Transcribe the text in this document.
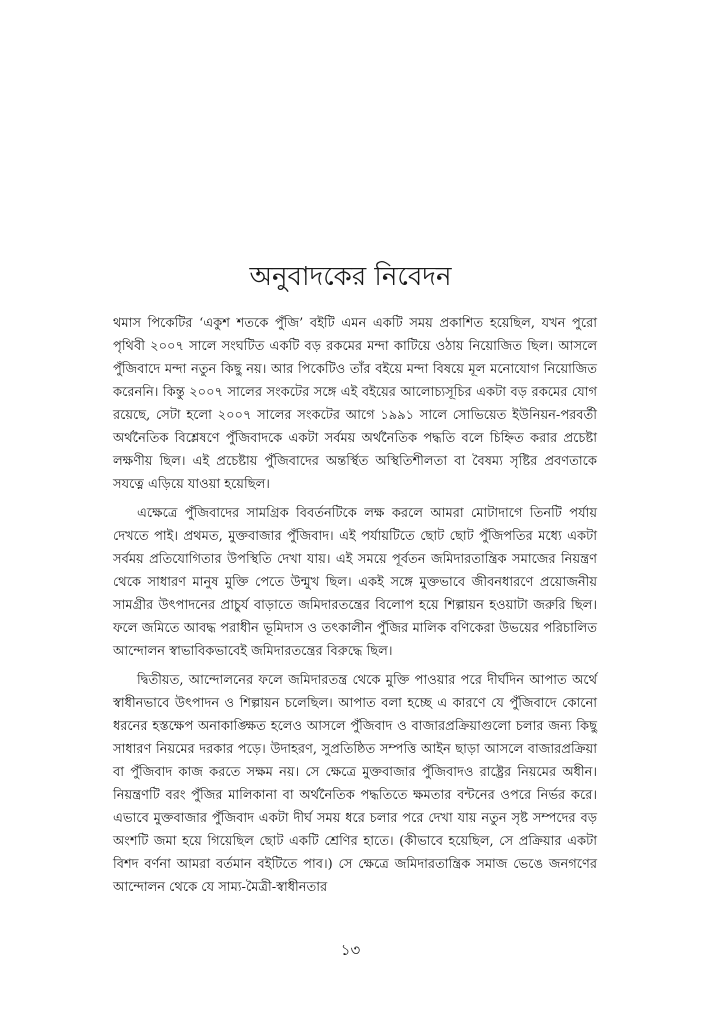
অনুবাদকের নিবেদন

থমাস পিকেটির ‘একুশ শতকে পুঁজি’ বইটি এমন একটি সময় প্রকাশিত হয়েছিল, যখন পুরো পৃথিবী ২০০৭ সালে সংঘটিত একটি বড় রকমের মন্দা কাটিয়ে ওঠায় নিয়োজিত ছিল। আসলে পুঁজিবাদে মন্দা নতুন কিছু নয়। আর পিকেটিও তাঁর বইয়ে মন্দা বিষয়ে মূল মনোযোগ নিয়োজিত করেননি। কিন্তু ২০০৭ সালের সংকটের সঙ্গে এই বইয়ের আলোচ্যসূচির একটা বড় রকমের যোগ রয়েছে, সেটা হলো ২০০৭ সালের সংকটের আগে ১৯৯১ সালে সোভিয়েত ইউনিয়ন-পরবর্তী অর্থনৈতিক বিশ্লেষণে পুঁজিবাদকে একটা সর্বময় অর্থনৈতিক পদ্ধতি বলে চিহ্নিত করার প্রচেষ্টা লক্ষণীয় ছিল। এই প্রচেষ্টায় পুঁজিবাদের অন্তর্স্থিত অস্থিতিশীলতা বা বৈষম্য সৃষ্টির প্রবণতাকে সযত্নে এড়িয়ে যাওয়া হয়েছিল।

এক্ষেত্রে পুঁজিবাদের সামগ্রিক বিবর্তনটিকে লক্ষ করলে আমরা মোটাদাগে তিনটি পর্যায় দেখতে পাই। প্রথমত, মুক্তবাজার পুঁজিবাদ। এই পর্যায়টিতে ছোট ছোট পুঁজিপতির মধ্যে একটা সর্বময় প্রতিযোগিতার উপস্থিতি দেখা যায়। এই সময়ে পূর্বতন জমিদারতান্ত্রিক সমাজের নিয়ন্ত্রণ থেকে সাধারণ মানুষ মুক্তি পেতে উন্মুখ ছিল। একই সঙ্গে মুক্তভাবে জীবনধারণে প্রয়োজনীয় সামগ্রীর উৎপাদনের প্রাচুর্য বাড়াতে জমিদারতন্ত্রের বিলোপ হয়ে শিল্পায়ন হওয়াটা জরুরি ছিল। ফলে জমিতে আবদ্ধ পরাধীন ভূমিদাস ও তৎকালীন পুঁজির মালিক বণিকেরা উভয়ের পরিচালিত আন্দোলন স্বাভাবিকভাবেই জমিদারতন্ত্রের বিরুদ্ধে ছিল।

দ্বিতীয়ত, আন্দোলনের ফলে জমিদারতন্ত্র থেকে মুক্তি পাওয়ার পরে দীর্ঘদিন আপাত অর্থে স্বাধীনভাবে উৎপাদন ও শিল্পায়ন চলেছিল। আপাত বলা হচ্ছে এ কারণে যে পুঁজিবাদে কোনো ধরনের হস্তক্ষেপ অনাকাঙ্ক্ষিত হলেও আসলে পুঁজিবাদ ও বাজারপ্রক্রিয়াগুলো চলার জন্য কিছু সাধারণ নিয়মের দরকার পড়ে। উদাহরণ, সুপ্রতিষ্ঠিত সম্পত্তি আইন ছাড়া আসলে বাজারপ্রক্রিয়া বা পুঁজিবাদ কাজ করতে সক্ষম নয়। সে ক্ষেত্রে মুক্তবাজার পুঁজিবাদও রাষ্ট্রের নিয়মের অধীন। নিয়ন্ত্রণটি বরং পুঁজির মালিকানা বা অর্থনৈতিক পদ্ধতিতে ক্ষমতার বন্টনের ওপরে নির্ভর করে। এভাবে মুক্তবাজার পুঁজিবাদ একটা দীর্ঘ সময় ধরে চলার পরে দেখা যায় নতুন সৃষ্ট সম্পদের বড় অংশটি জমা হয়ে গিয়েছিল ছোট একটি শ্রেণির হাতে। (কীভাবে হয়েছিল, সে প্রক্রিয়ার একটা বিশদ বর্ণনা আমরা বর্তমান বইটিতে পাব।) সে ক্ষেত্রে জমিদারতান্ত্রিক সমাজ ভেঙে জনগণের আন্দোলন থেকে যে সাম্য-মৈত্রী-স্বাধীনতার

১৩
